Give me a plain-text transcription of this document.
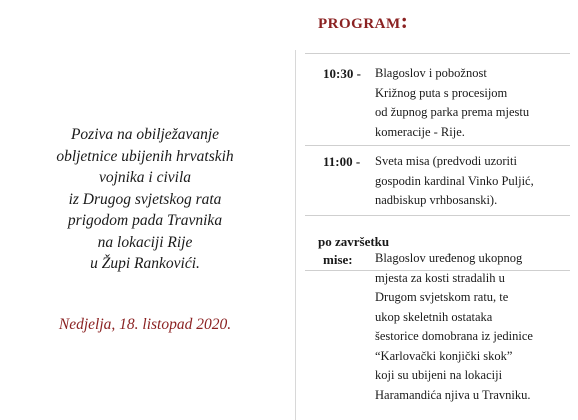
Poziva na obilježavanje
obljetnice ubijenih hrvatskih
vojnika i civila
iz Drugog svjetskog rata
prigodom pada Travnika
na lokaciji Rije
u Župi Rankovići.
Nedjelja, 18. listopad 2020.
PROGRAM:
10:30 - Blagoslov i pobožnost
Križnog puta s procesijom
od župnog parka prema mjestu
komeracije - Rije.
11:00 - Sveta misa (predvodi uzoriti
gospodin kardinal Vinko Puljić,
nadbiskup vrhbosanski).
po završetku
mise: Blagoslov uređenog ukopnog
mjesta za kosti stradalih u
Drugom svjetskom ratu, te
ukop skeletnih ostataka
šestorice domobrana iz jedinice
“Karlovački konjički skok”
koji su ubijeni na lokaciji
Haramandića njiva u Travniku.
